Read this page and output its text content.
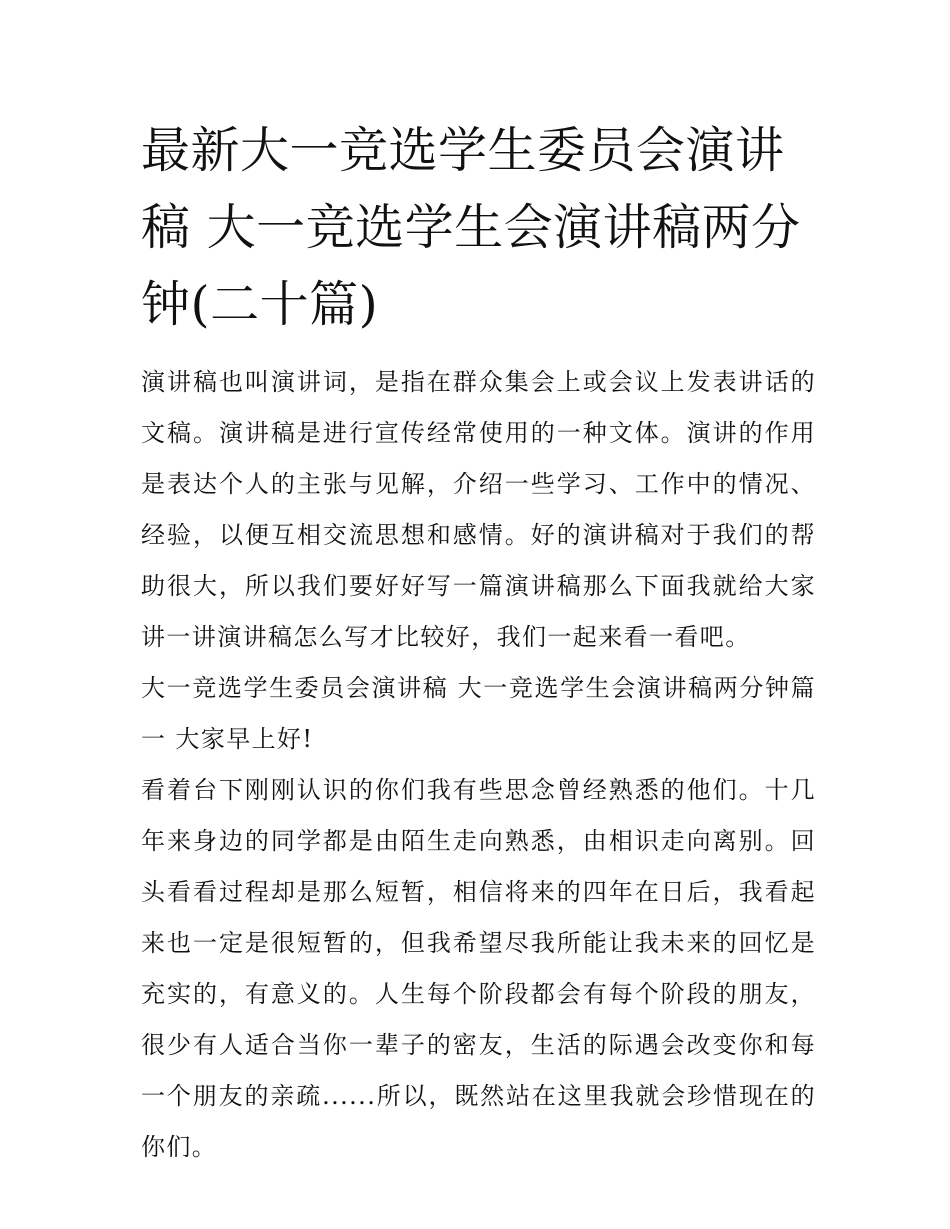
最新大一竞选学生委员会演讲稿 大一竞选学生会演讲稿两分钟(二十篇)

演讲稿也叫演讲词，是指在群众集会上或会议上发表讲话的文稿。演讲稿是进行宣传经常使用的一种文体。演讲的作用是表达个人的主张与见解，介绍一些学习、工作中的情况、经验，以便互相交流思想和感情。好的演讲稿对于我们的帮助很大，所以我们要好好写一篇演讲稿那么下面我就给大家讲一讲演讲稿怎么写才比较好，我们一起来看一看吧。

大一竞选学生委员会演讲稿 大一竞选学生会演讲稿两分钟篇一 大家早上好!

看着台下刚刚认识的你们我有些思念曾经熟悉的他们。十几年来身边的同学都是由陌生走向熟悉，由相识走向离别。回头看看过程却是那么短暂，相信将来的四年在日后，我看起来也一定是很短暂的，但我希望尽我所能让我未来的回忆是充实的，有意义的。人生每个阶段都会有每个阶段的朋友，很少有人适合当你一辈子的密友，生活的际遇会改变你和每一个朋友的亲疏......所以，既然站在这里我就会珍惜现在的你们。
